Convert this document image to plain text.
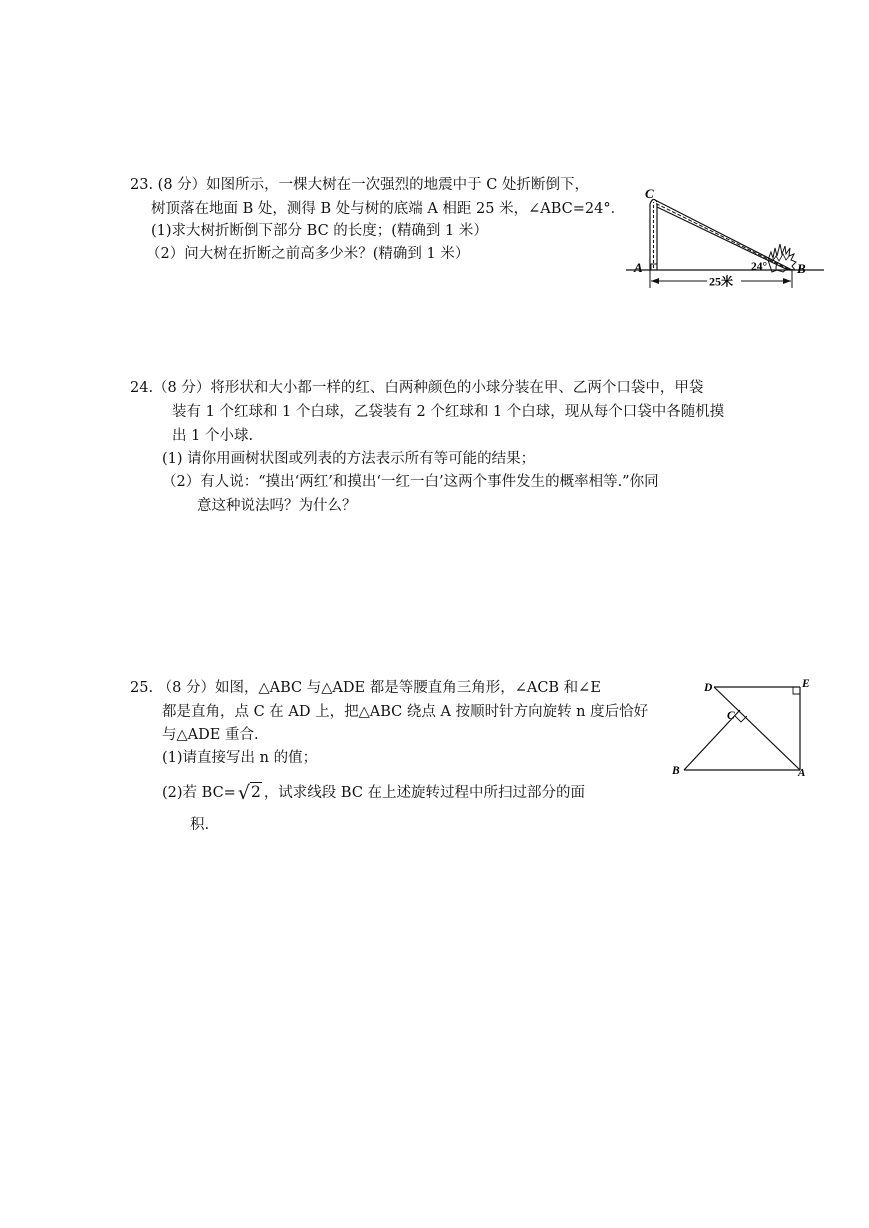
23. (8 分）如图所示，一棵大树在一次强烈的地震中于 C 处折断倒下，
树顶落在地面 B 处，测得 B 处与树的底端 A 相距 25 米，∠ABC=24°．
(1)求大树折断倒下部分 BC 的长度；(精确到 1 米）
（2）问大树在折断之前高多少米？(精确到 1 米）
C
A	B
24°
25米
24.（8 分）将形状和大小都一样的红、白两种颜色的小球分装在甲、乙两个口袋中，甲袋
装有 1 个红球和 1 个白球，乙袋装有 2 个红球和 1 个白球，现从每个口袋中各随机摸
出 1 个小球.
(1) 请你用画树状图或列表的方法表示所有等可能的结果；
（2）有人说：“摸出‘两红’和摸出‘一红一白’这两个事件发生的概率相等.”你同
意这种说法吗？为什么？
25. （8 分）如图，△ABC 与△ADE 都是等腰直角三角形，∠ACB 和∠E
都是直角，点 C 在 AD 上，把△ABC 绕点 A 按顺时针方向旋转 n 度后恰好
与△ADE 重合.
(1)请直接写出 n 的值；
(2)若 BC= √2 ，试求线段 BC 在上述旋转过程中所扫过部分的面
积.
D	E
C
B	A
